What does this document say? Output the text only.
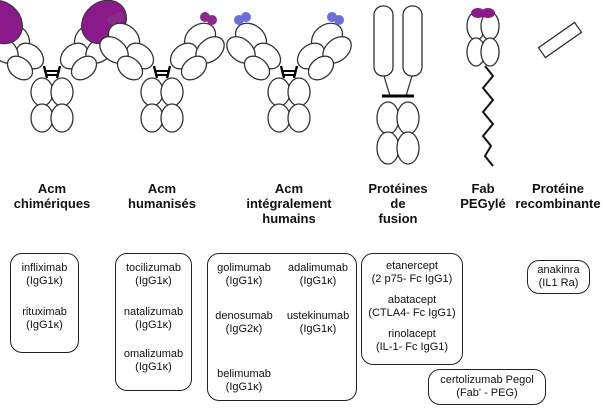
Acm
chimériques
Acm
humanisés
Acm
intégralement
humains
Protéines
de
fusion
Fab
PEGylé
Protéine
recombinante
infliximab
(IgG1κ)
rituximab
(IgG1κ)
tocilizumab
(IgG1κ)
natalizumab
(IgG1κ)
omalizumab
(IgG1κ)
golimumab
(IgG1κ)
adalimumab
(IgG1κ)
denosumab
(IgG2κ)
ustekinumab
(IgG1κ)
belimumab
(IgG1κ)
etanercept
(2 p75- Fc IgG1)
abatacept
(CTLA4- Fc IgG1)
rinolacept
(IL-1- Fc IgG1)
certolizumab Pegol
(Fab' - PEG)
anakinra
(IL1 Ra)
